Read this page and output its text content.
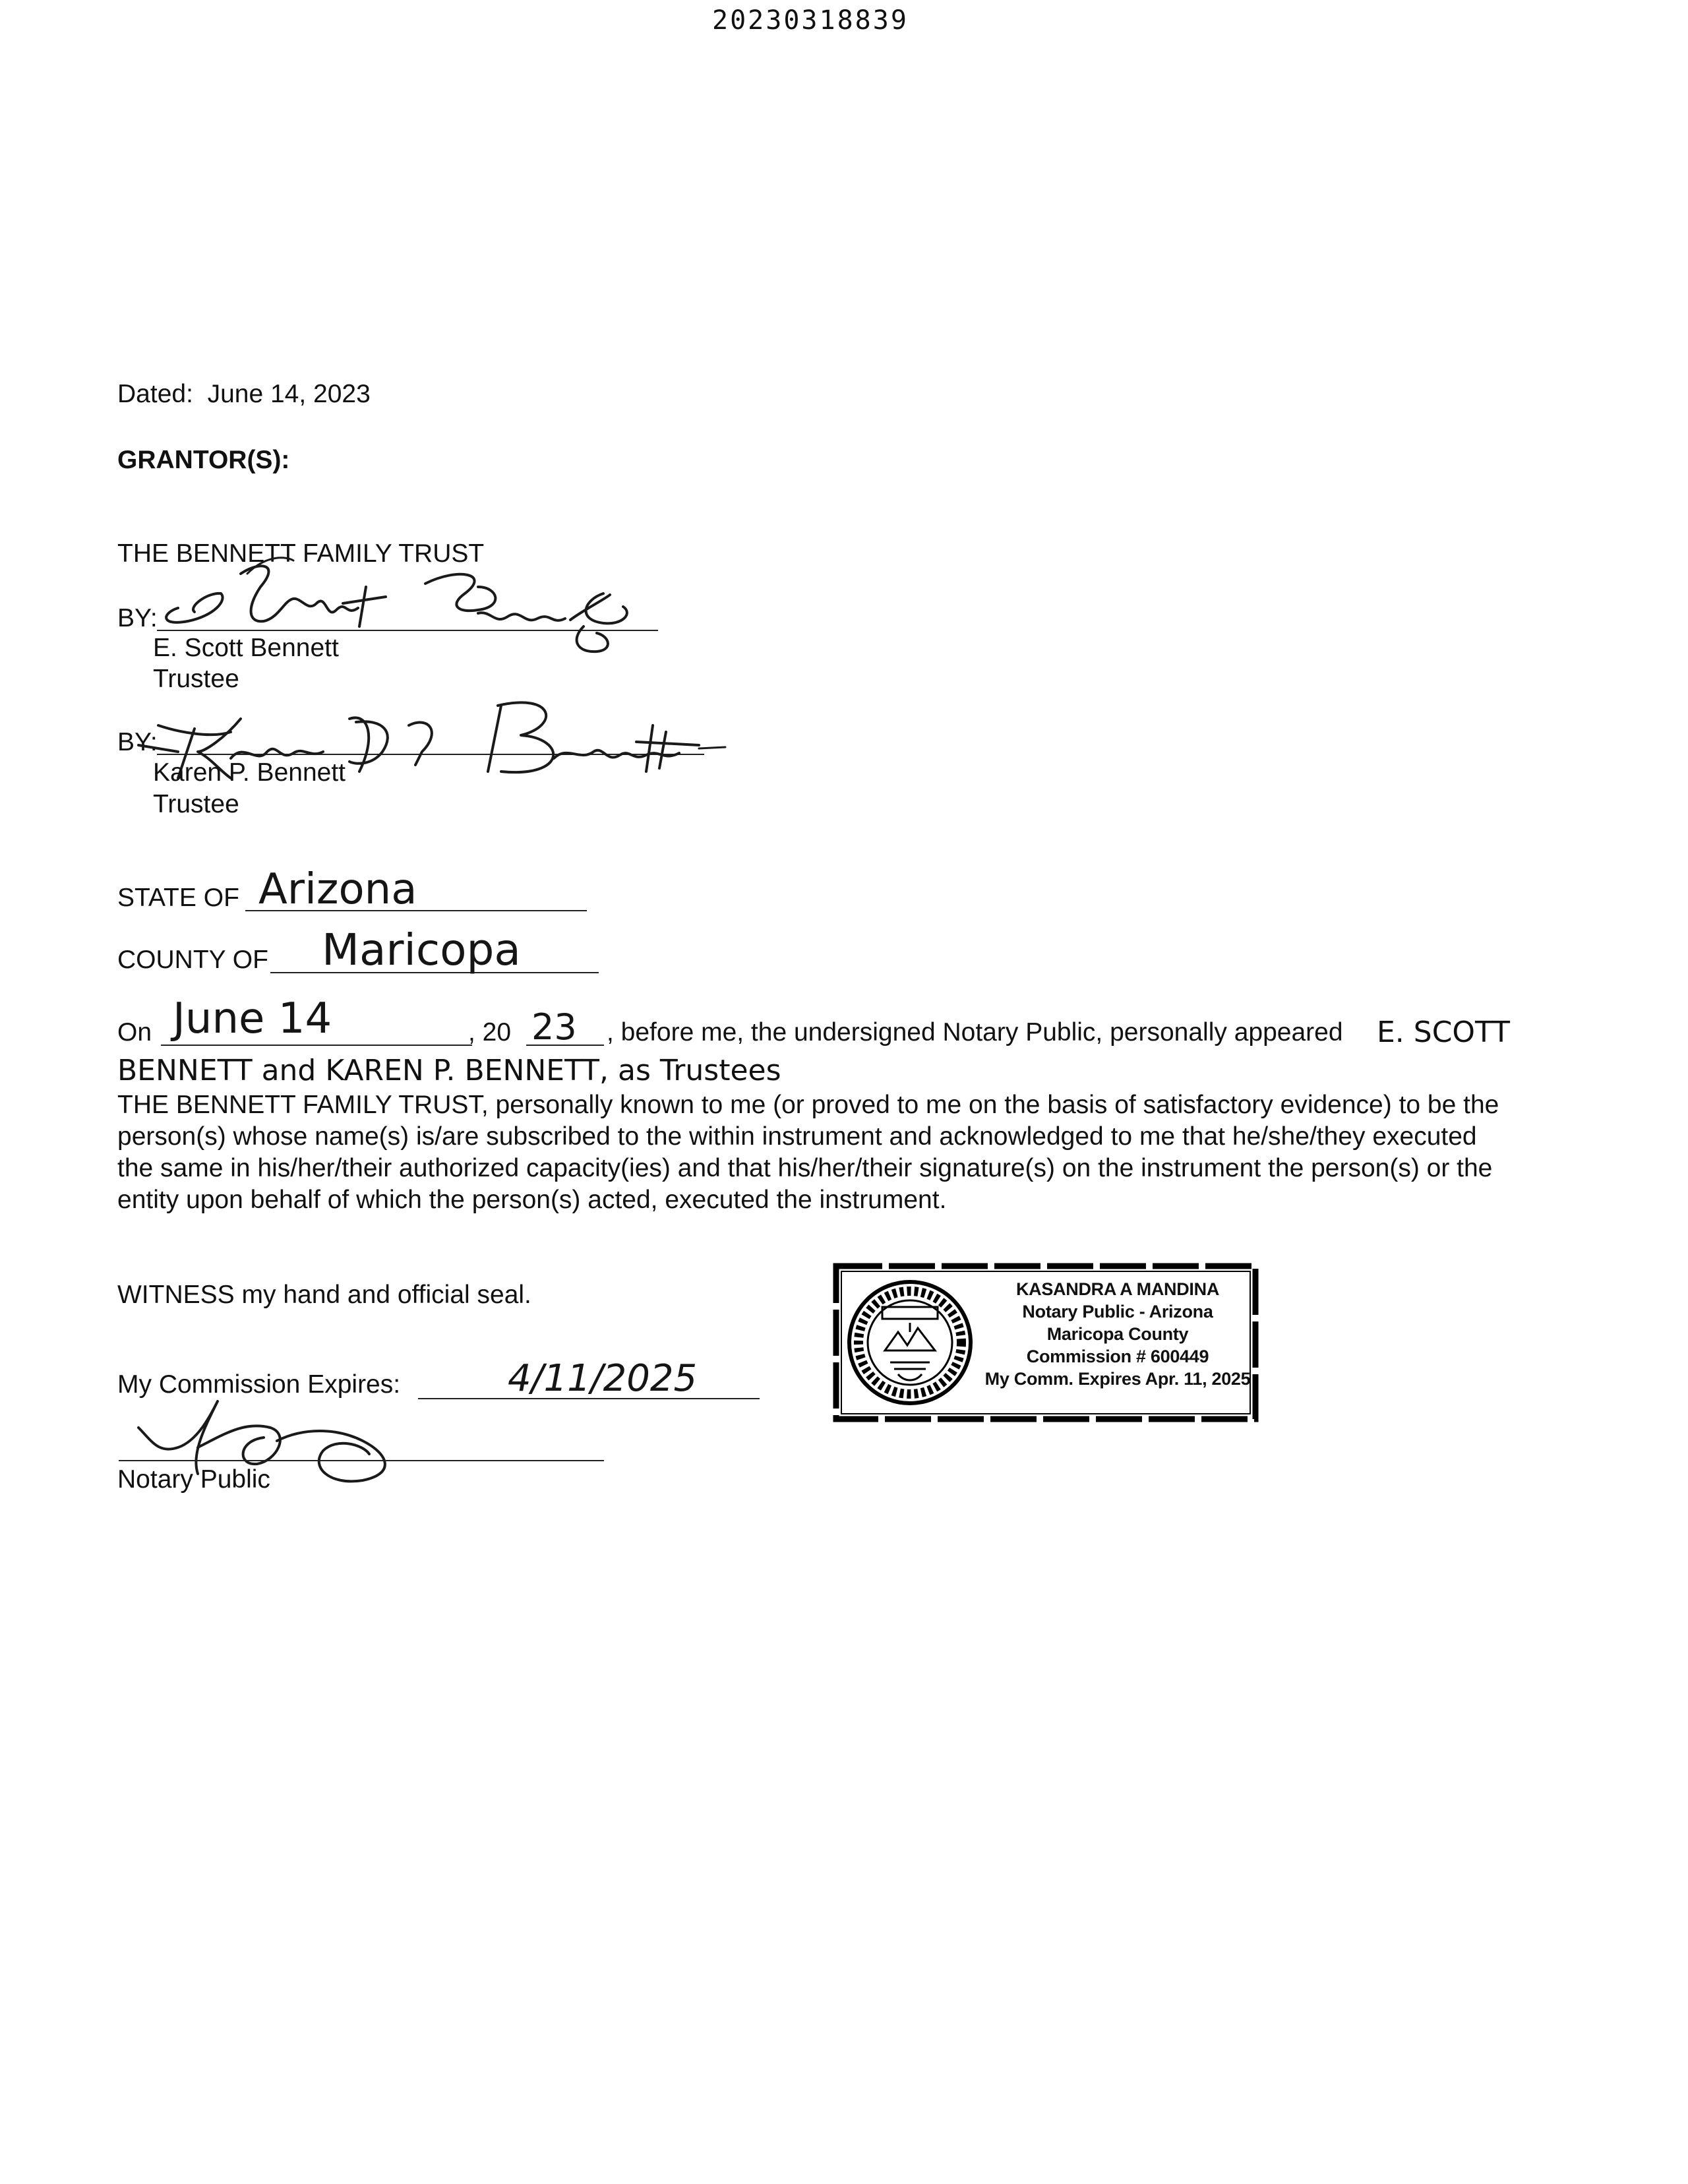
20230318839
Dated: June 14, 2023
GRANTOR(S):
THE BENNETT FAMILY TRUST
BY:
E. Scott Bennett
Trustee
BY:
Karen P. Bennett
Trustee
STATE OF Arizona
COUNTY OF Maricopa
On June 14	, 20 23 , before me, the undersigned Notary Public, personally appeared E. SCOTT
BENNETT and KAREN P. BENNETT, as Trustees

THE BENNETT FAMILY TRUST, personally known to me (or proved to me on the basis of satisfactory evidence) to be the

person(s) whose name(s) is/are subscribed to the within instrument and acknowledged to me that he/she/they executed

the same in his/her/their authorized capacity(ies) and that his/her/their signature(s) on the instrument the person(s) or the

entity upon behalf of which the person(s) acted, executed the instrument.

WITNESS my hand and official seal.
My Commission Expires:	4/11/2025
Notary Public
KASANDRA A MANDINA
Notary Public - Arizona
Maricopa County
Commission # 600449
My Comm. Expires Apr. 11, 2025
